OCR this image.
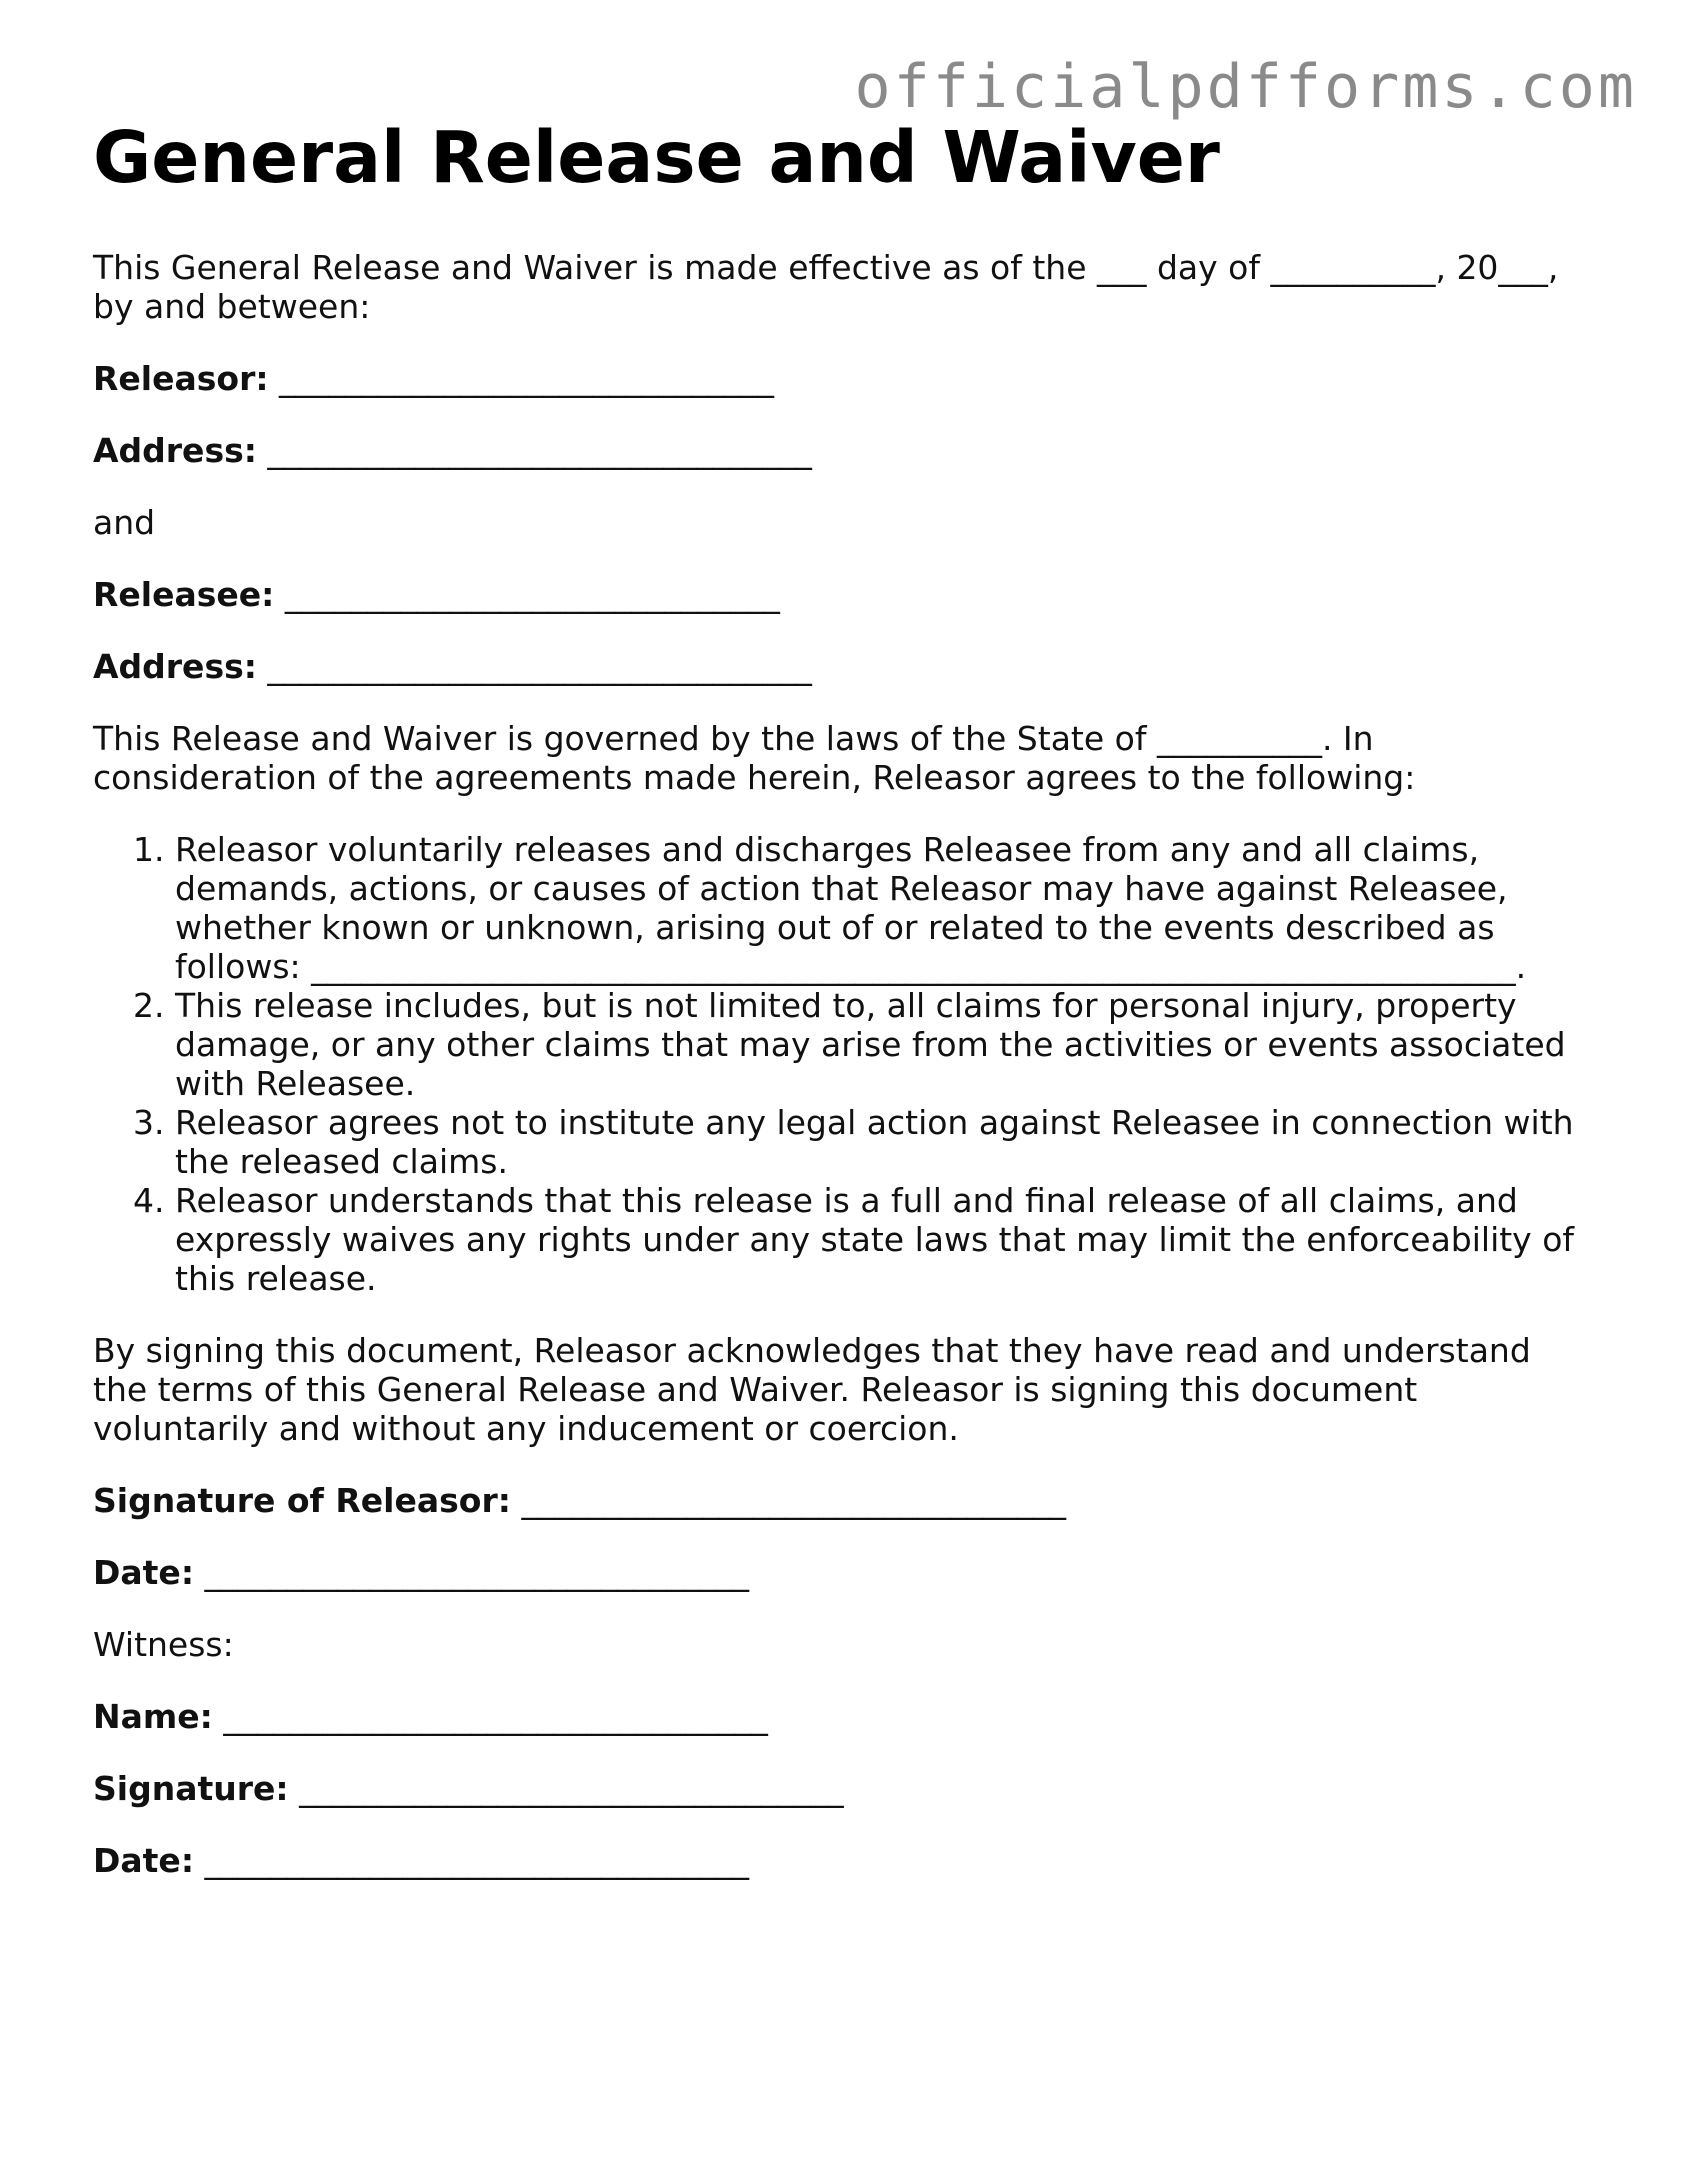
officialpdfforms.com
General Release and Waiver

This General Release and Waiver is made effective as of the ___ day of __________, 20___, by and between:

Releasor: ______________________________
Address: _________________________________

and

Releasee: ______________________________
Address: _________________________________

This Release and Waiver is governed by the laws of the State of __________. In consideration of the agreements made herein, Releasor agrees to the following:

1. Releasor voluntarily releases and discharges Releasee from any and all claims, demands, actions, or causes of action that Releasor may have against Releasee, whether known or unknown, arising out of or related to the events described as follows: _________________________________________________________________________.
2. This release includes, but is not limited to, all claims for personal injury, property damage, or any other claims that may arise from the activities or events associated with Releasee.
3. Releasor agrees not to institute any legal action against Releasee in connection with the released claims.
4. Releasor understands that this release is a full and final release of all claims, and expressly waives any rights under any state laws that may limit the enforceability of this release.

By signing this document, Releasor acknowledges that they have read and understand the terms of this General Release and Waiver. Releasor is signing this document voluntarily and without any inducement or coercion.

Signature of Releasor: _________________________________
Date: _________________________________

Witness:

Name: _________________________________
Signature: _________________________________
Date: _________________________________
